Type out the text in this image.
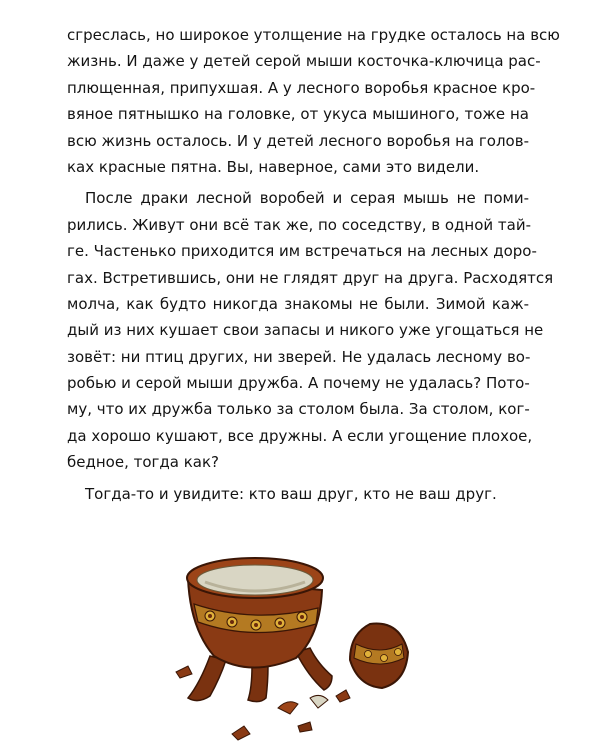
сгреслась, но широкое утолщение на грудке осталось на всю
жизнь. И даже у детей серой мыши косточка-ключица рас-
плющенная, припухшая. А у лесного воробья красное кро-
вяное пятнышко на головке, от укуса мышиного, тоже на
всю жизнь осталось. И у детей лесного воробья на голов-
ках красные пятна. Вы, наверное, сами это видели.
После драки лесной воробей и серая мышь не поми-
рились. Живут они всё так же, по соседству, в одной тай-
ге. Частенько приходится им встречаться на лесных доро-
гах. Встретившись, они не глядят друг на друга. Расходятся
молча, как будто никогда знакомы не были. Зимой каж-
дый из них кушает свои запасы и никого уже угощаться не
зовёт: ни птиц других, ни зверей. Не удалась лесному во-
робью и серой мыши дружба. А почему не удалась? Пото-
му, что их дружба только за столом была. За столом, ког-
да хорошо кушают, все дружны. А если угощение плохое,
бедное, тогда как?
Тогда-то и увидите: кто ваш друг, кто не ваш друг.
